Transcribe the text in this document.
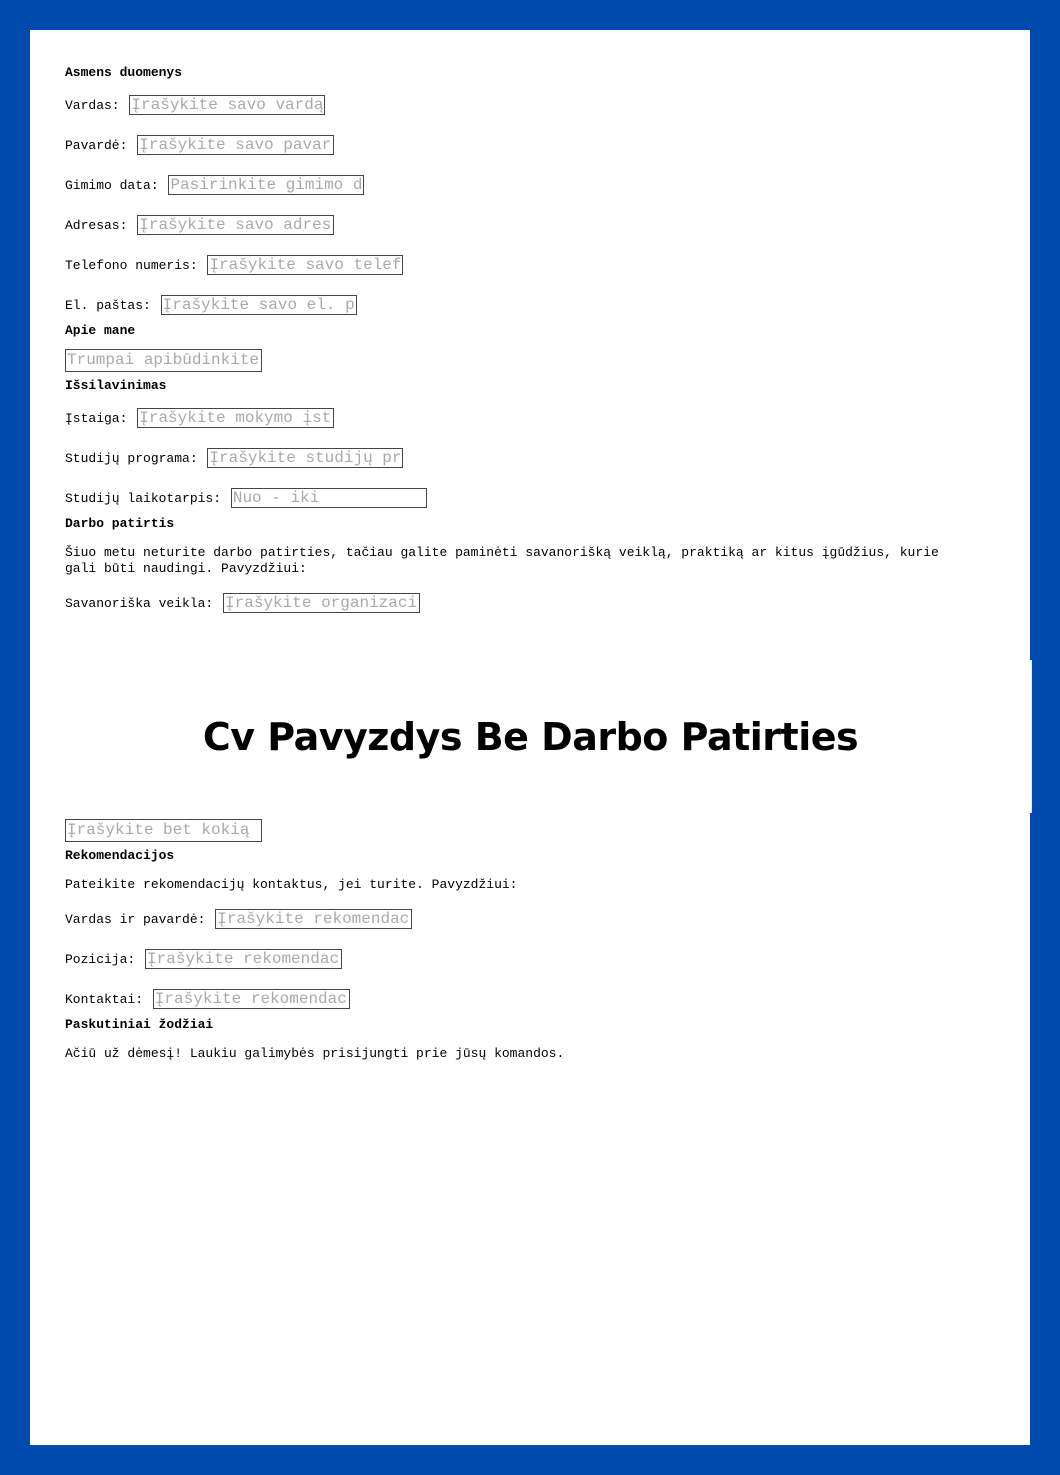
Asmens duomenys
Vardas:
Įrašykite savo vardą
Pavardė:
Įrašykite savo pavardę
Gimimo data:
Pasirinkite gimimo datą
Adresas:
Įrašykite savo adresą
Telefono numeris:
Įrašykite savo telefono numerį
El. paštas:
Įrašykite savo el. paštą
Apie mane
Trumpai apibūdinkite save
Išsilavinimas
Įstaiga:
Įrašykite mokymo įstaigą
Studijų programa:
Įrašykite studijų programą
Studijų laikotarpis:
Nuo - iki
Darbo patirtis

Šiuo metu neturite darbo patirties, tačiau galite paminėti savanorišką veiklą, praktiką ar kitus įgūdžius, kurie gali būti naudingi. Pavyzdžiui:

Savanoriška veikla:
Įrašykite organizaciją
Cv Pavyzdys Be Darbo Patirties
Įrašykite bet kokią
Rekomendacijos

Pateikite rekomendacijų kontaktus, jei turite. Pavyzdžiui:

Vardas ir pavardė:
Įrašykite rekomendacijos
Pozicija:
Įrašykite rekomendacijos
Kontaktai:
Įrašykite rekomendacijos
Paskutiniai žodžiai

Ačiū už dėmesį! Laukiu galimybės prisijungti prie jūsų komandos.
